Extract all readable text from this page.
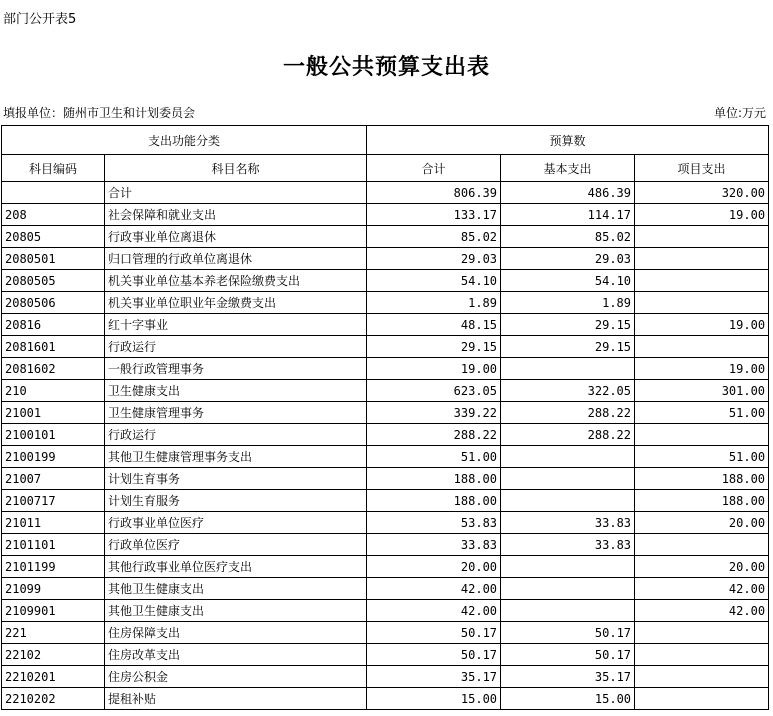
部门公开表5
一般公共预算支出表
填报单位：随州市卫生和计划委员会	单位:万元
支出功能分类		预算数		
科目编码	科目名称	合计	基本支出	项目支出
	合计	806.39	486.39	320.00
208	社会保障和就业支出	133.17	114.17	19.00
20805	行政事业单位离退休	85.02	85.02	
2080501	归口管理的行政单位离退休	29.03	29.03	
2080505	机关事业单位基本养老保险缴费支出	54.10	54.10	
2080506	机关事业单位职业年金缴费支出	1.89	1.89	
20816	红十字事业	48.15	29.15	19.00
2081601	行政运行	29.15	29.15	
2081602	一般行政管理事务	19.00		19.00
210	卫生健康支出	623.05	322.05	301.00
21001	卫生健康管理事务	339.22	288.22	51.00
2100101	行政运行	288.22	288.22	
2100199	其他卫生健康管理事务支出	51.00		51.00
21007	计划生育事务	188.00		188.00
2100717	计划生育服务	188.00		188.00
21011	行政事业单位医疗	53.83	33.83	20.00
2101101	行政单位医疗	33.83	33.83	
2101199	其他行政事业单位医疗支出	20.00		20.00
21099	其他卫生健康支出	42.00		42.00
2109901	其他卫生健康支出	42.00		42.00
221	住房保障支出	50.17	50.17	
22102	住房改革支出	50.17	50.17	
2210201	住房公积金	35.17	35.17	
2210202	提租补贴	15.00	15.00	
